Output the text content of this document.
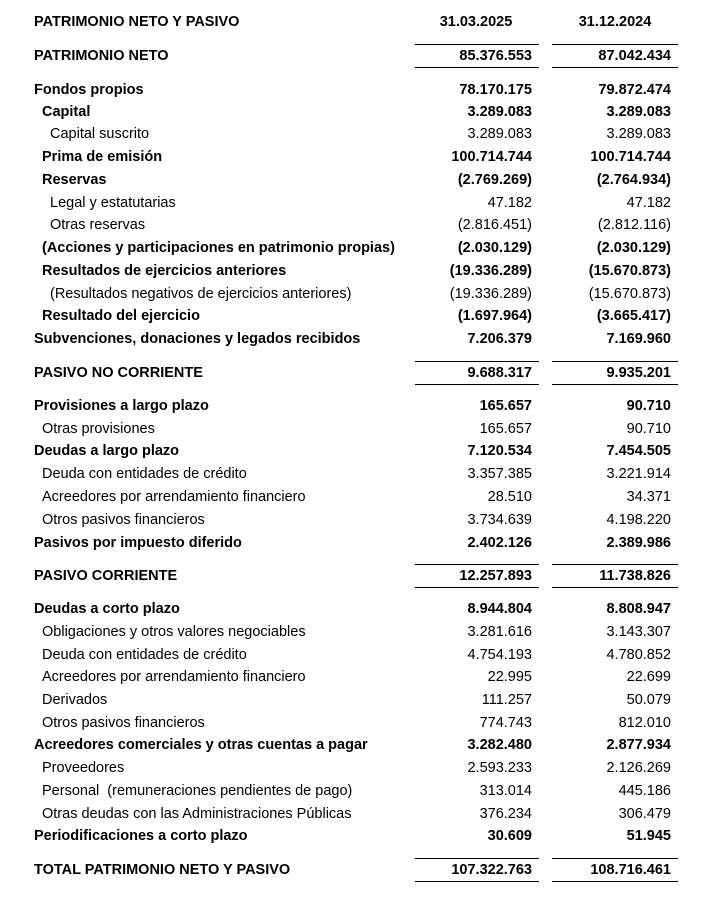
PATRIMONIO NETO Y PASIVO	31.03.2025	31.12.2024
PATRIMONIO NETO	85.376.553	87.042.434
Fondos propios	78.170.175	79.872.474
Capital	3.289.083	3.289.083
Capital suscrito	3.289.083	3.289.083
Prima de emisión	100.714.744	100.714.744
Reservas	(2.769.269)	(2.764.934)
Legal y estatutarias	47.182	47.182
Otras reservas	(2.816.451)	(2.812.116)
(Acciones y participaciones en patrimonio propias)	(2.030.129)	(2.030.129)
Resultados de ejercicios anteriores	(19.336.289)	(15.670.873)
(Resultados negativos de ejercicios anteriores)	(19.336.289)	(15.670.873)
Resultado del ejercicio	(1.697.964)	(3.665.417)
Subvenciones, donaciones y legados recibidos	7.206.379	7.169.960
PASIVO NO CORRIENTE	9.688.317	9.935.201
Provisiones a largo plazo	165.657	90.710
Otras provisiones	165.657	90.710
Deudas a largo plazo	7.120.534	7.454.505
Deuda con entidades de crédito	3.357.385	3.221.914
Acreedores por arrendamiento financiero	28.510	34.371
Otros pasivos financieros	3.734.639	4.198.220
Pasivos por impuesto diferido	2.402.126	2.389.986
PASIVO CORRIENTE	12.257.893	11.738.826
Deudas a corto plazo	8.944.804	8.808.947
Obligaciones y otros valores negociables	3.281.616	3.143.307
Deuda con entidades de crédito	4.754.193	4.780.852
Acreedores por arrendamiento financiero	22.995	22.699
Derivados	111.257	50.079
Otros pasivos financieros	774.743	812.010
Acreedores comerciales y otras cuentas a pagar	3.282.480	2.877.934
Proveedores	2.593.233	2.126.269
Personal  (remuneraciones pendientes de pago)	313.014	445.186
Otras deudas con las Administraciones Públicas	376.234	306.479
Periodificaciones a corto plazo	30.609	51.945
TOTAL PATRIMONIO NETO Y PASIVO	107.322.763	108.716.461
